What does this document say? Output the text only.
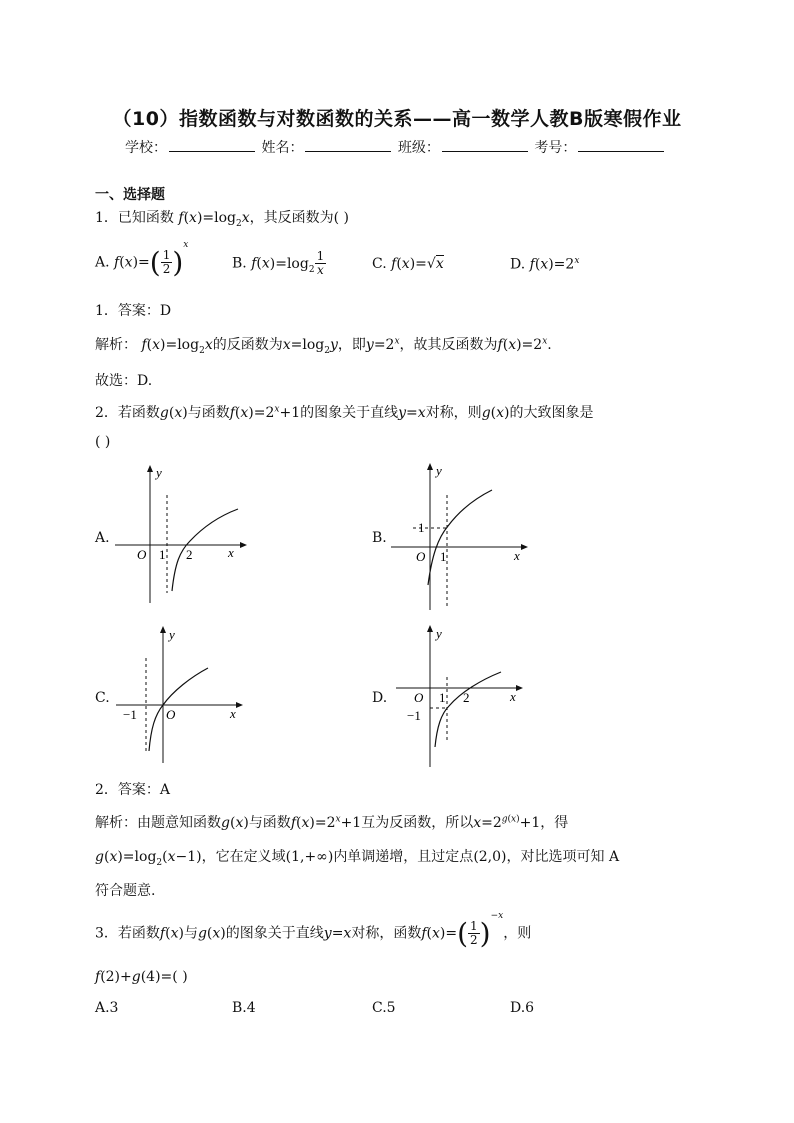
（10）指数函数与对数函数的关系——高一数学人教B版寒假作业
学校：	姓名：	班级：	考号：
一、选择题
1．已知函数 $f(x)=\log_2x$，其反函数为( )
A. $f(x)=( \frac{1}{2} )^x$
B. $f(x)=\log_2 \frac{1}{x}$	C. f(x)=√x	D. $f(x)=2^x$
1．答案：D
解析： $f(x)=\log_2x$的反函数为$x=\log_2y$，即$y=2^x$，故其反函数为$f(x)=2^x$.
故选：D.
2．若函数g(x)与函数$f(x)=2^x+1$的图象关于直线y=x对称，则g(x)的大致图象是
( )
A.
y
x
O 1 2
B.
y
x
O 1
1
C.
y
x
O
−1
D.
y
x
O 1 2
−1
2．答案：A
解析：由题意知函数g(x)与函数$f(x)=2^x+1$互为反函数，所以$x=2^{g(x)}+1$，得
$g(x)=\log_2(x-1)$，它在定义域(1,+∞)内单调递增，且过定点(2,0)，对比选项可知 A
符合题意.
3．若函数f(x)与g(x)的图象关于直线y=x对称，函数$f(x)=( \frac{1}{2} )^{-x}$，则
f(2)+g(4)=( )
A.3	B.4	C.5	D.6
